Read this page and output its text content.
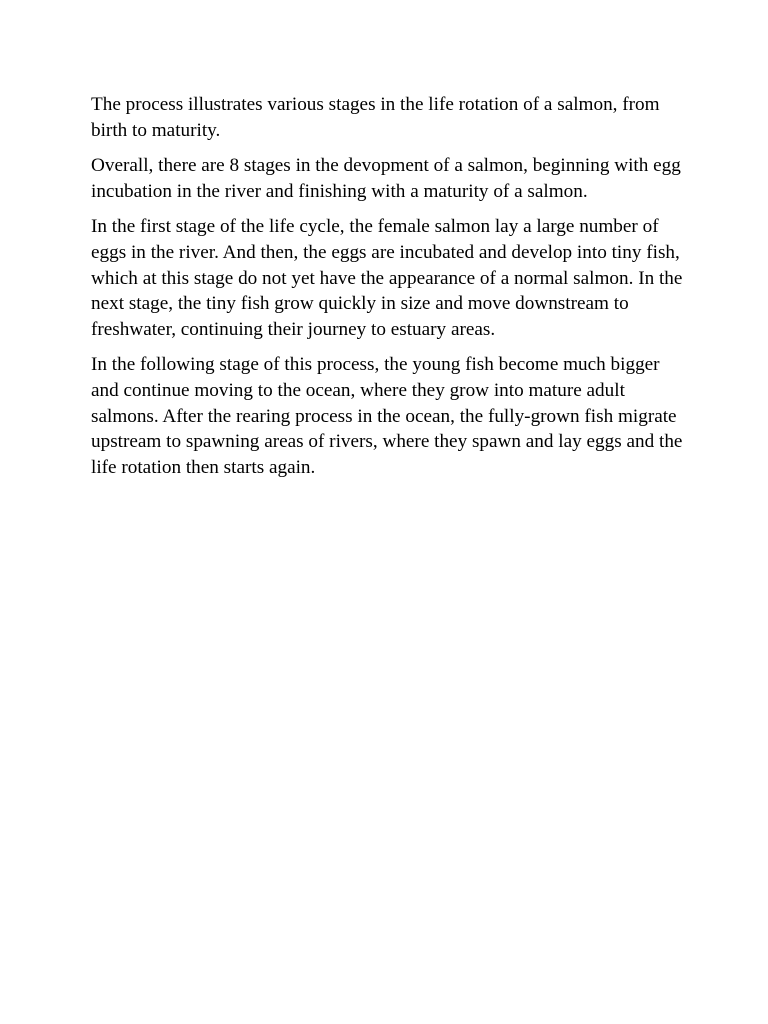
The process illustrates various stages in the life rotation of a salmon, from birth to maturity.

Overall, there are 8 stages in the devopment of a salmon, beginning with egg incubation in the river and finishing with a maturity of a salmon.

In the first stage of the life cycle, the female salmon lay a large number of eggs in the river. And then, the eggs are incubated and develop into tiny fish, which at this stage do not yet have the appearance of a normal salmon. In the next stage, the tiny fish grow quickly in size and move downstream to freshwater, continuing their journey to estuary areas.

In the following stage of this process, the young fish become much bigger and continue moving to the ocean, where they grow into mature adult salmons. After the rearing process in the ocean, the fully-grown fish migrate upstream to spawning areas of rivers, where they spawn and lay eggs and the life rotation then starts again.
